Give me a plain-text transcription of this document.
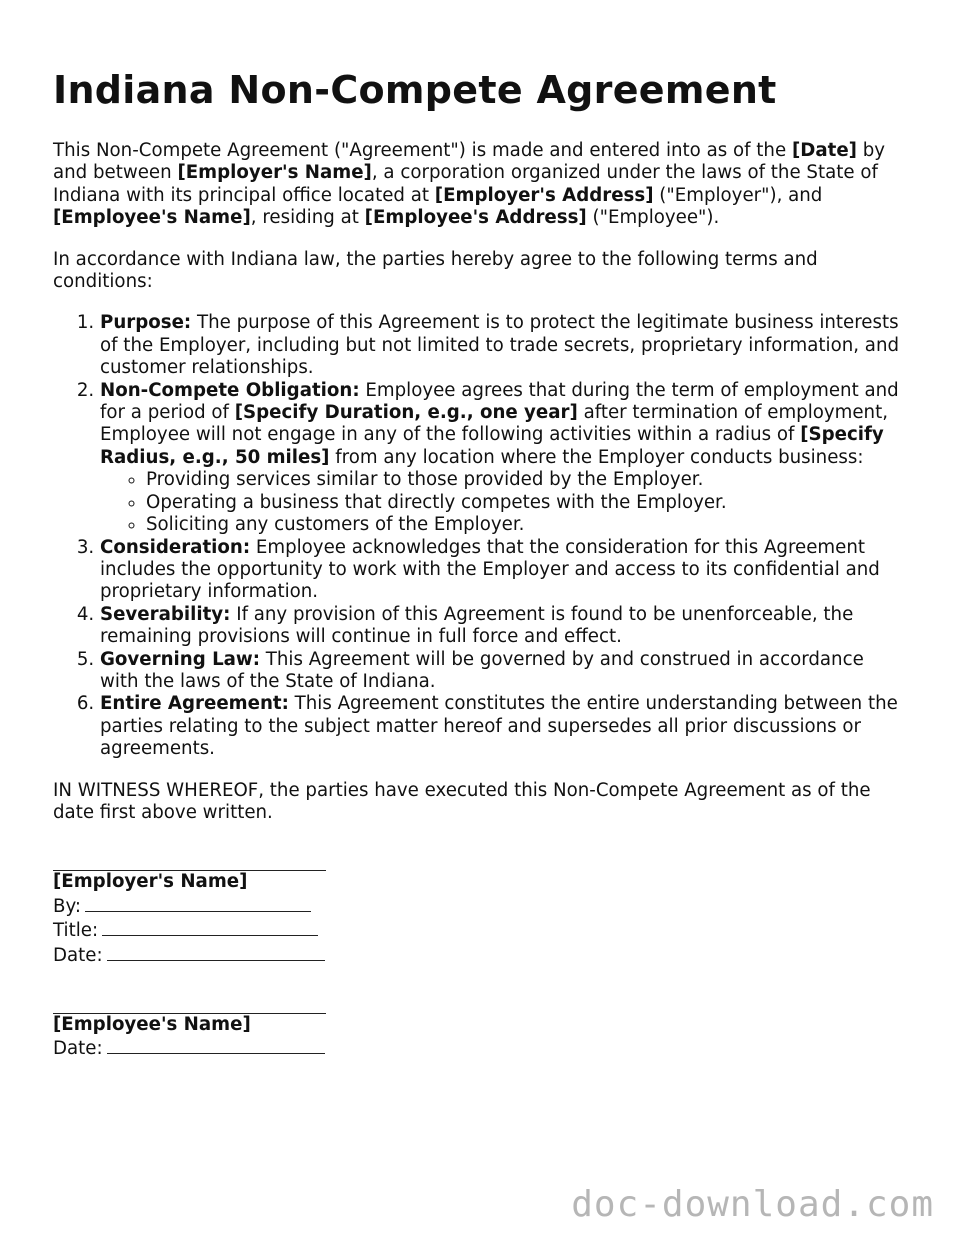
Indiana Non-Compete Agreement

This Non-Compete Agreement ("Agreement") is made and entered into as of the [Date] by and between [Employer's Name], a corporation organized under the laws of the State of Indiana with its principal office located at [Employer's Address] ("Employer"), and [Employee's Name], residing at [Employee's Address] ("Employee").

In accordance with Indiana law, the parties hereby agree to the following terms and conditions:

1. Purpose: The purpose of this Agreement is to protect the legitimate business interests of the Employer, including but not limited to trade secrets, proprietary information, and customer relationships.
2. Non-Compete Obligation: Employee agrees that during the term of employment and for a period of [Specify Duration, e.g., one year] after termination of employment, Employee will not engage in any of the following activities within a radius of [Specify Radius, e.g., 50 miles] from any location where the Employer conducts business:
◦ Providing services similar to those provided by the Employer.
◦ Operating a business that directly competes with the Employer.
◦ Soliciting any customers of the Employer.
3. Consideration: Employee acknowledges that the consideration for this Agreement includes the opportunity to work with the Employer and access to its confidential and proprietary information.
4. Severability: If any provision of this Agreement is found to be unenforceable, the remaining provisions will continue in full force and effect.
5. Governing Law: This Agreement will be governed by and construed in accordance with the laws of the State of Indiana.
6. Entire Agreement: This Agreement constitutes the entire understanding between the parties relating to the subject matter hereof and supersedes all prior discussions or agreements.

IN WITNESS WHEREOF, the parties have executed this Non-Compete Agreement as of the date first above written.

[Employer's Name]
By:
Title:
Date:
[Employee's Name]
Date:
doc-download.com
